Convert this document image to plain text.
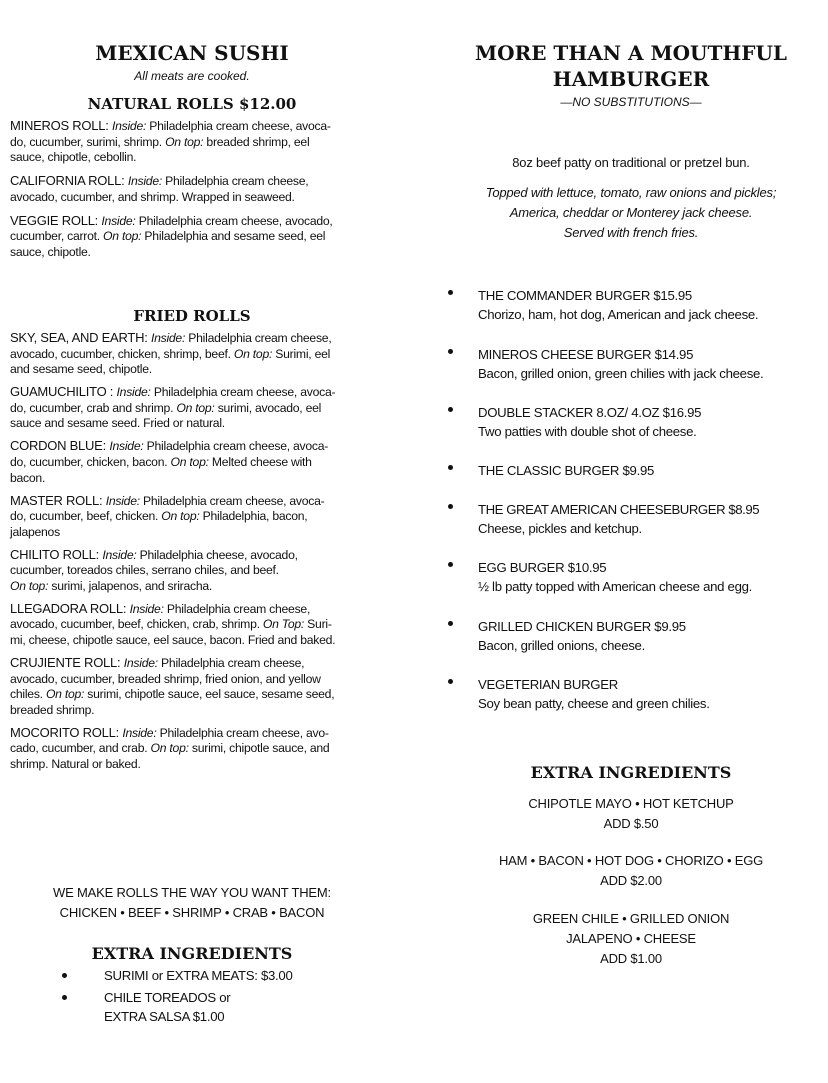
MEXICAN SUSHI

All meats are cooked.

NATURAL ROLLS $12.00

MINEROS ROLL: Inside: Philadelphia cream cheese, avoca-
do, cucumber, surimi, shrimp. On top: breaded shrimp, eel
sauce, chipotle, cebollin.

CALIFORNIA ROLL: Inside: Philadelphia cream cheese,
avocado, cucumber, and shrimp. Wrapped in seaweed.

VEGGIE ROLL: Inside: Philadelphia cream cheese, avocado,
cucumber, carrot. On top: Philadelphia and sesame seed, eel
sauce, chipotle.

FRIED ROLLS

SKY, SEA, AND EARTH: Inside: Philadelphia cream cheese,
avocado, cucumber, chicken, shrimp, beef. On top: Surimi, eel
and sesame seed, chipotle.

GUAMUCHILITO : Inside: Philadelphia cream cheese, avoca-
do, cucumber, crab and shrimp. On top: surimi, avocado, eel
sauce and sesame seed. Fried or natural.

CORDON BLUE: Inside: Philadelphia cream cheese, avoca-
do, cucumber, chicken, bacon. On top: Melted cheese with
bacon.

MASTER ROLL: Inside: Philadelphia cream cheese, avoca-
do, cucumber, beef, chicken. On top: Philadelphia, bacon,
jalapenos

CHILITO ROLL: Inside: Philadelphia cheese, avocado,
cucumber, toreados chiles, serrano chiles, and beef.
On top: surimi, jalapenos, and sriracha.

LLEGADORA ROLL: Inside: Philadelphia cream cheese,
avocado, cucumber, beef, chicken, crab, shrimp. On Top: Suri-
mi, cheese, chipotle sauce, eel sauce, bacon. Fried and baked.

CRUJIENTE ROLL: Inside: Philadelphia cream cheese,
avocado, cucumber, breaded shrimp, fried onion, and yellow
chiles. On top: surimi, chipotle sauce, eel sauce, sesame seed,
breaded shrimp.

MOCORITO ROLL: Inside: Philadelphia cream cheese, avo-
cado, cucumber, and crab. On top: surimi, chipotle sauce, and
shrimp. Natural or baked.

WE MAKE ROLLS THE WAY YOU WANT THEM:

CHICKEN • BEEF • SHRIMP • CRAB • BACON

EXTRA INGREDIENTS
SURIMI or EXTRA MEATS: $3.00
CHILE TOREADOS or
EXTRA SALSA $1.00
MORE THAN A MOUTHFUL
HAMBURGER

—NO SUBSTITUTIONS—

8oz beef patty on traditional or pretzel bun.

Topped with lettuce, tomato, raw onions and pickles;

America, cheddar or Monterey jack cheese.

Served with french fries.

THE COMMANDER BURGER $15.95
Chorizo, ham, hot dog, American and jack cheese.
MINEROS CHEESE BURGER $14.95
Bacon, grilled onion, green chilies with jack cheese.
DOUBLE STACKER 8.OZ/ 4.OZ $16.95
Two patties with double shot of cheese.
THE CLASSIC BURGER $9.95
THE GREAT AMERICAN CHEESEBURGER $8.95
Cheese, pickles and ketchup.
EGG BURGER $10.95
½ lb patty topped with American cheese and egg.
GRILLED CHICKEN BURGER $9.95
Bacon, grilled onions, cheese.
VEGETERIAN BURGER
Soy bean patty, cheese and green chilies.
EXTRA INGREDIENTS

CHIPOTLE MAYO • HOT KETCHUP

ADD $.50

HAM • BACON • HOT DOG • CHORIZO • EGG

ADD $2.00

GREEN CHILE • GRILLED ONION

JALAPENO • CHEESE

ADD $1.00
